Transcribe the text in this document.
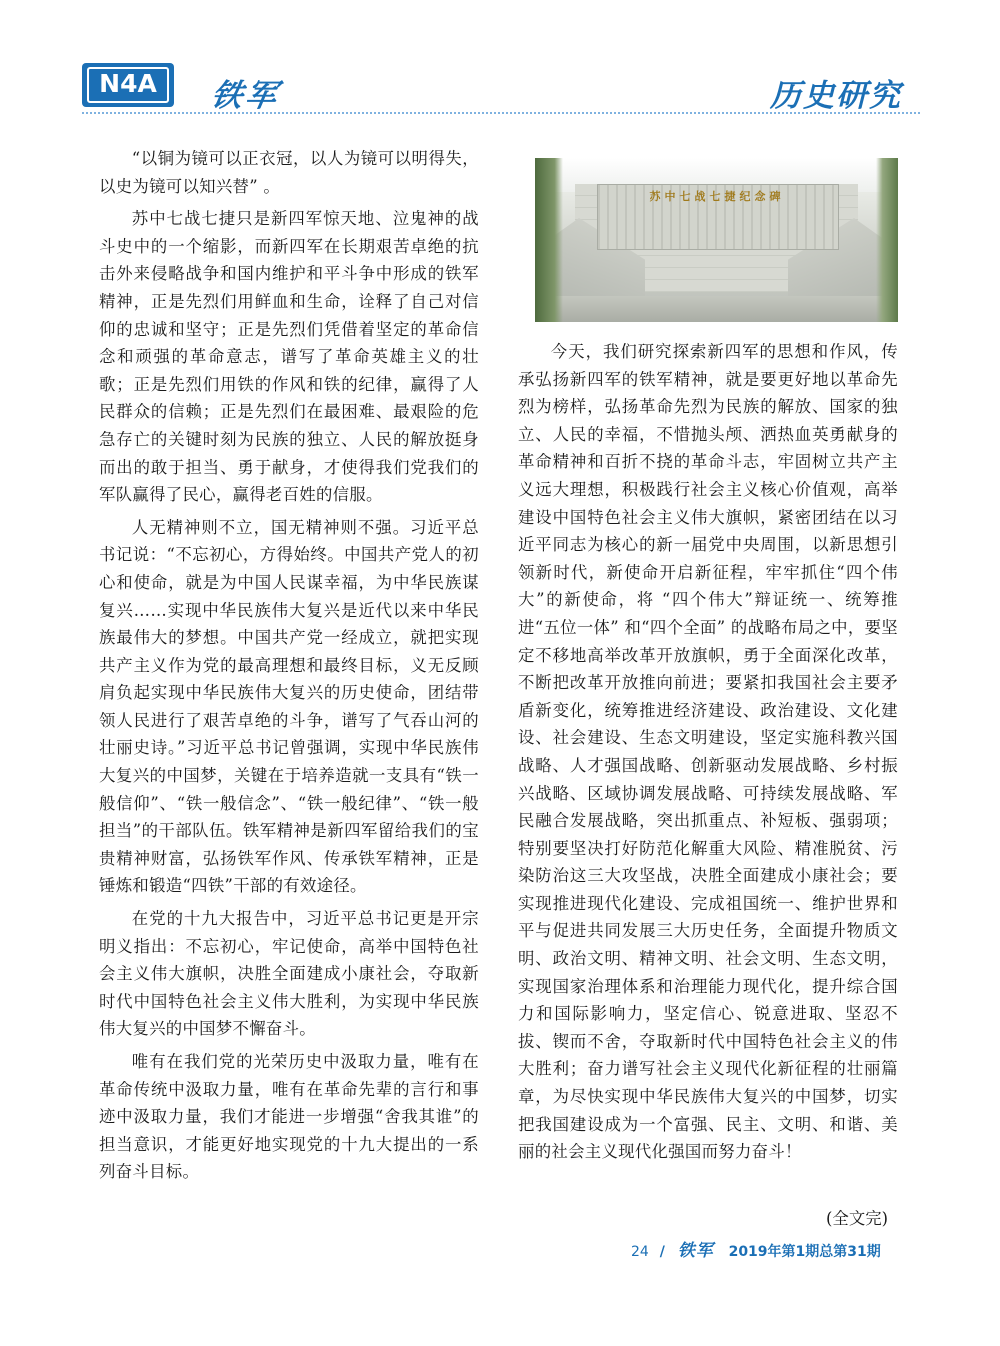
N4A	铁军	历史研究

“以铜为镜可以正衣冠，以人为镜可以明得失，以史为镜可以知兴替” 。

苏中七战七捷只是新四军惊天地、泣鬼神的战斗史中的一个缩影，而新四军在长期艰苦卓绝的抗击外来侵略战争和国内维护和平斗争中形成的铁军精神，正是先烈们用鲜血和生命，诠释了自己对信仰的忠诚和坚守；正是先烈们凭借着坚定的革命信念和顽强的革命意志，谱写了革命英雄主义的壮歌；正是先烈们用铁的作风和铁的纪律，赢得了人民群众的信赖；正是先烈们在最困难、最艰险的危急存亡的关键时刻为民族的独立、人民的解放挺身而出的敢于担当、勇于献身，才使得我们党我们的军队赢得了民心，赢得老百姓的信服。

人无精神则不立，国无精神则不强。习近平总书记说：“不忘初心，方得始终。中国共产党人的初心和使命，就是为中国人民谋幸福，为中华民族谋复兴……实现中华民族伟大复兴是近代以来中华民族最伟大的梦想。中国共产党一经成立，就把实现共产主义作为党的最高理想和最终目标，义无反顾肩负起实现中华民族伟大复兴的历史使命，团结带领人民进行了艰苦卓绝的斗争，谱写了气吞山河的壮丽史诗。”习近平总书记曾强调，实现中华民族伟大复兴的中国梦，关键在于培养造就一支具有“铁一般信仰”、“铁一般信念”、“铁一般纪律”、“铁一般担当”的干部队伍。铁军精神是新四军留给我们的宝贵精神财富，弘扬铁军作风、传承铁军精神，正是锤炼和锻造“四铁”干部的有效途径。

在党的十九大报告中，习近平总书记更是开宗明义指出：不忘初心，牢记使命，高举中国特色社会主义伟大旗帜，决胜全面建成小康社会，夺取新时代中国特色社会主义伟大胜利，为实现中华民族伟大复兴的中国梦不懈奋斗。

唯有在我们党的光荣历史中汲取力量，唯有在革命传统中汲取力量，唯有在革命先辈的言行和事迹中汲取力量，我们才能进一步增强“舍我其谁”的担当意识，才能更好地实现党的十九大提出的一系列奋斗目标。

苏中七战七捷纪念碑

今天，我们研究探索新四军的思想和作风，传承弘扬新四军的铁军精神，就是要更好地以革命先烈为榜样，弘扬革命先烈为民族的解放、国家的独立、人民的幸福，不惜抛头颅、洒热血英勇献身的革命精神和百折不挠的革命斗志，牢固树立共产主义远大理想，积极践行社会主义核心价值观，高举建设中国特色社会主义伟大旗帜，紧密团结在以习近平同志为核心的新一届党中央周围，以新思想引领新时代，新使命开启新征程，牢牢抓住“四个伟大”的新使命，将 “四个伟大”辩证统一、统筹推进“五位一体” 和“四个全面” 的战略布局之中，要坚定不移地高举改革开放旗帜，勇于全面深化改革，不断把改革开放推向前进；要紧扣我国社会主要矛盾新变化，统筹推进经济建设、政治建设、文化建设、社会建设、生态文明建设，坚定实施科教兴国战略、人才强国战略、创新驱动发展战略、乡村振兴战略、区域协调发展战略、可持续发展战略、军民融合发展战略，突出抓重点、补短板、强弱项；特别要坚决打好防范化解重大风险、精准脱贫、污染防治这三大攻坚战，决胜全面建成小康社会；要实现推进现代化建设、完成祖国统一、维护世界和平与促进共同发展三大历史任务，全面提升物质文明、政治文明、精神文明、社会文明、生态文明，实现国家治理体系和治理能力现代化，提升综合国力和国际影响力，坚定信心、锐意进取、坚忍不拔、锲而不舍，夺取新时代中国特色社会主义的伟大胜利；奋力谱写社会主义现代化新征程的壮丽篇章，为尽快实现中华民族伟大复兴的中国梦，切实把我国建设成为一个富强、民主、文明、和谐、美丽的社会主义现代化强国而努力奋斗！

(全文完)
24 / 铁军 2019年第1期总第31期
